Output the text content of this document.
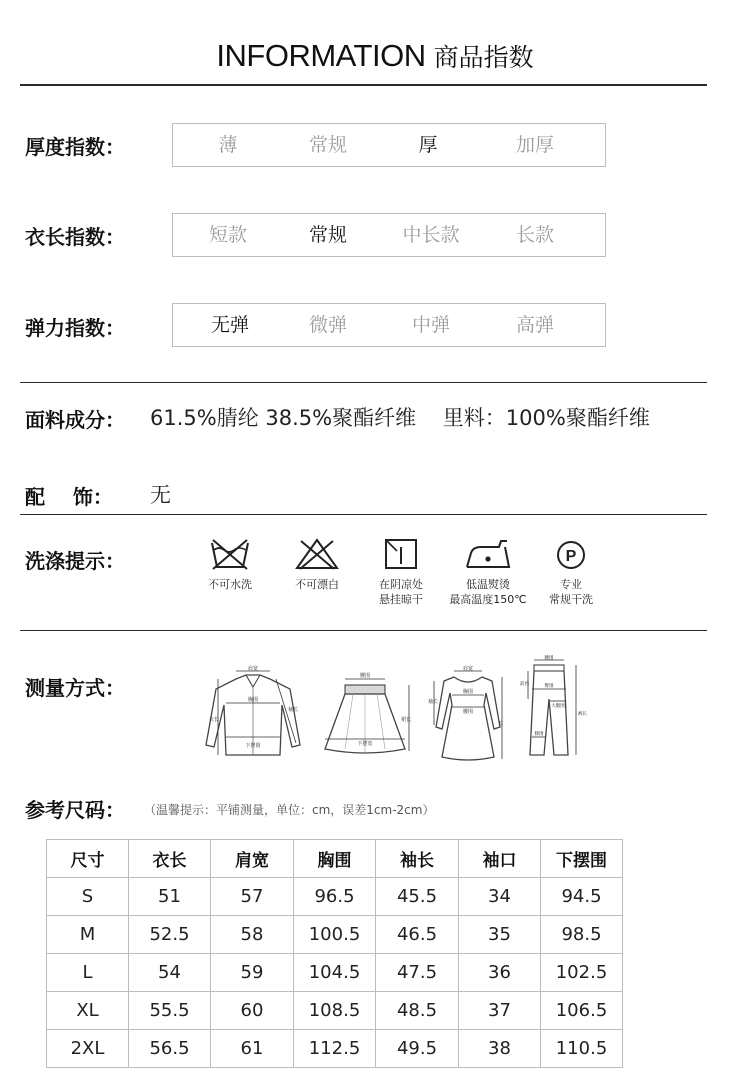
INFORMATION 商品指数
厚度指数：	薄	常规	厚	加厚
衣长指数：	短款	常规	中长款	长款
弹力指数：	无弹	微弹	中弹	高弹
面料成分： 61.5%腈纶 38.5%聚酯纤维    里料：100%聚酯纤维
配    饰： 无
洗涤提示：
不可水洗	不可漂白	在阴凉处
悬挂晾干
低温熨烫
最高温度150℃
P
专业
常规干洗
测量方式：
肩宽
胸围
衣长
袖长
下摆围
腰围
下摆宽
裙长
肩宽
胸围
腰围
长
袖长
腰围
臀围
大腿围
膝围
前裆
裤长
参考尺码： （温馨提示：平铺测量，单位：cm，误差1cm-2cm）
尺寸	衣长	肩宽	胸围	袖长	袖口	下摆围
S	51	57	96.5	45.5	34	94.5
M	52.5	58	100.5	46.5	35	98.5
L	54	59	104.5	47.5	36	102.5
XL	55.5	60	108.5	48.5	37	106.5
2XL	56.5	61	112.5	49.5	38	110.5
